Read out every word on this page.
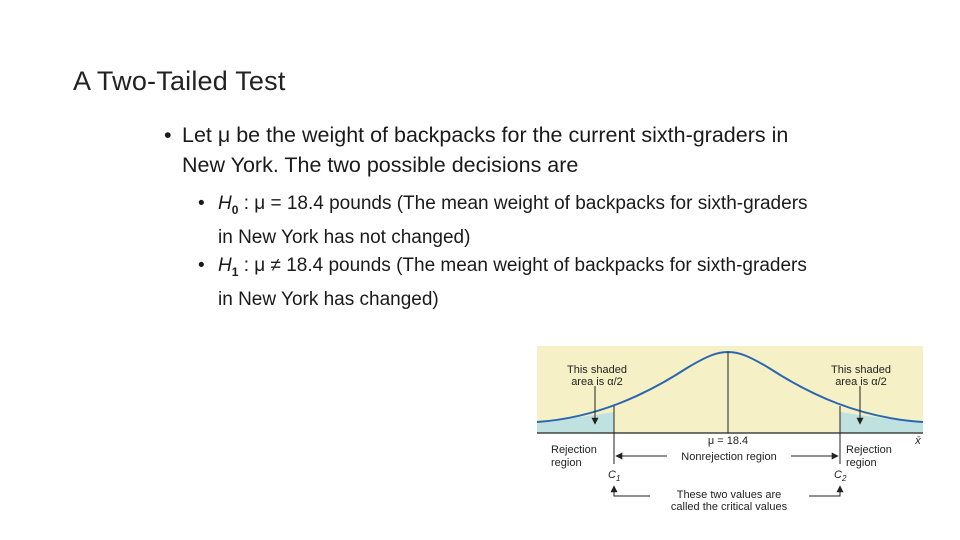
A Two-Tailed Test
• Let μ be the weight of backpacks for the current sixth-graders in New York. The two possible decisions are
• $H_0$ : μ = 18.4 pounds (The mean weight of backpacks for sixth-graders in New York has not changed)
• $H_1$ : μ ≠ 18.4 pounds (The mean weight of backpacks for sixth-graders in New York has changed)
This shaded
area is α/2
This shaded
area is α/2
μ = 18.4	x̄
Rejection
region
Rejection
region
Nonrejection region
$C_1$	$C_2$
These two values are
called the critical values
